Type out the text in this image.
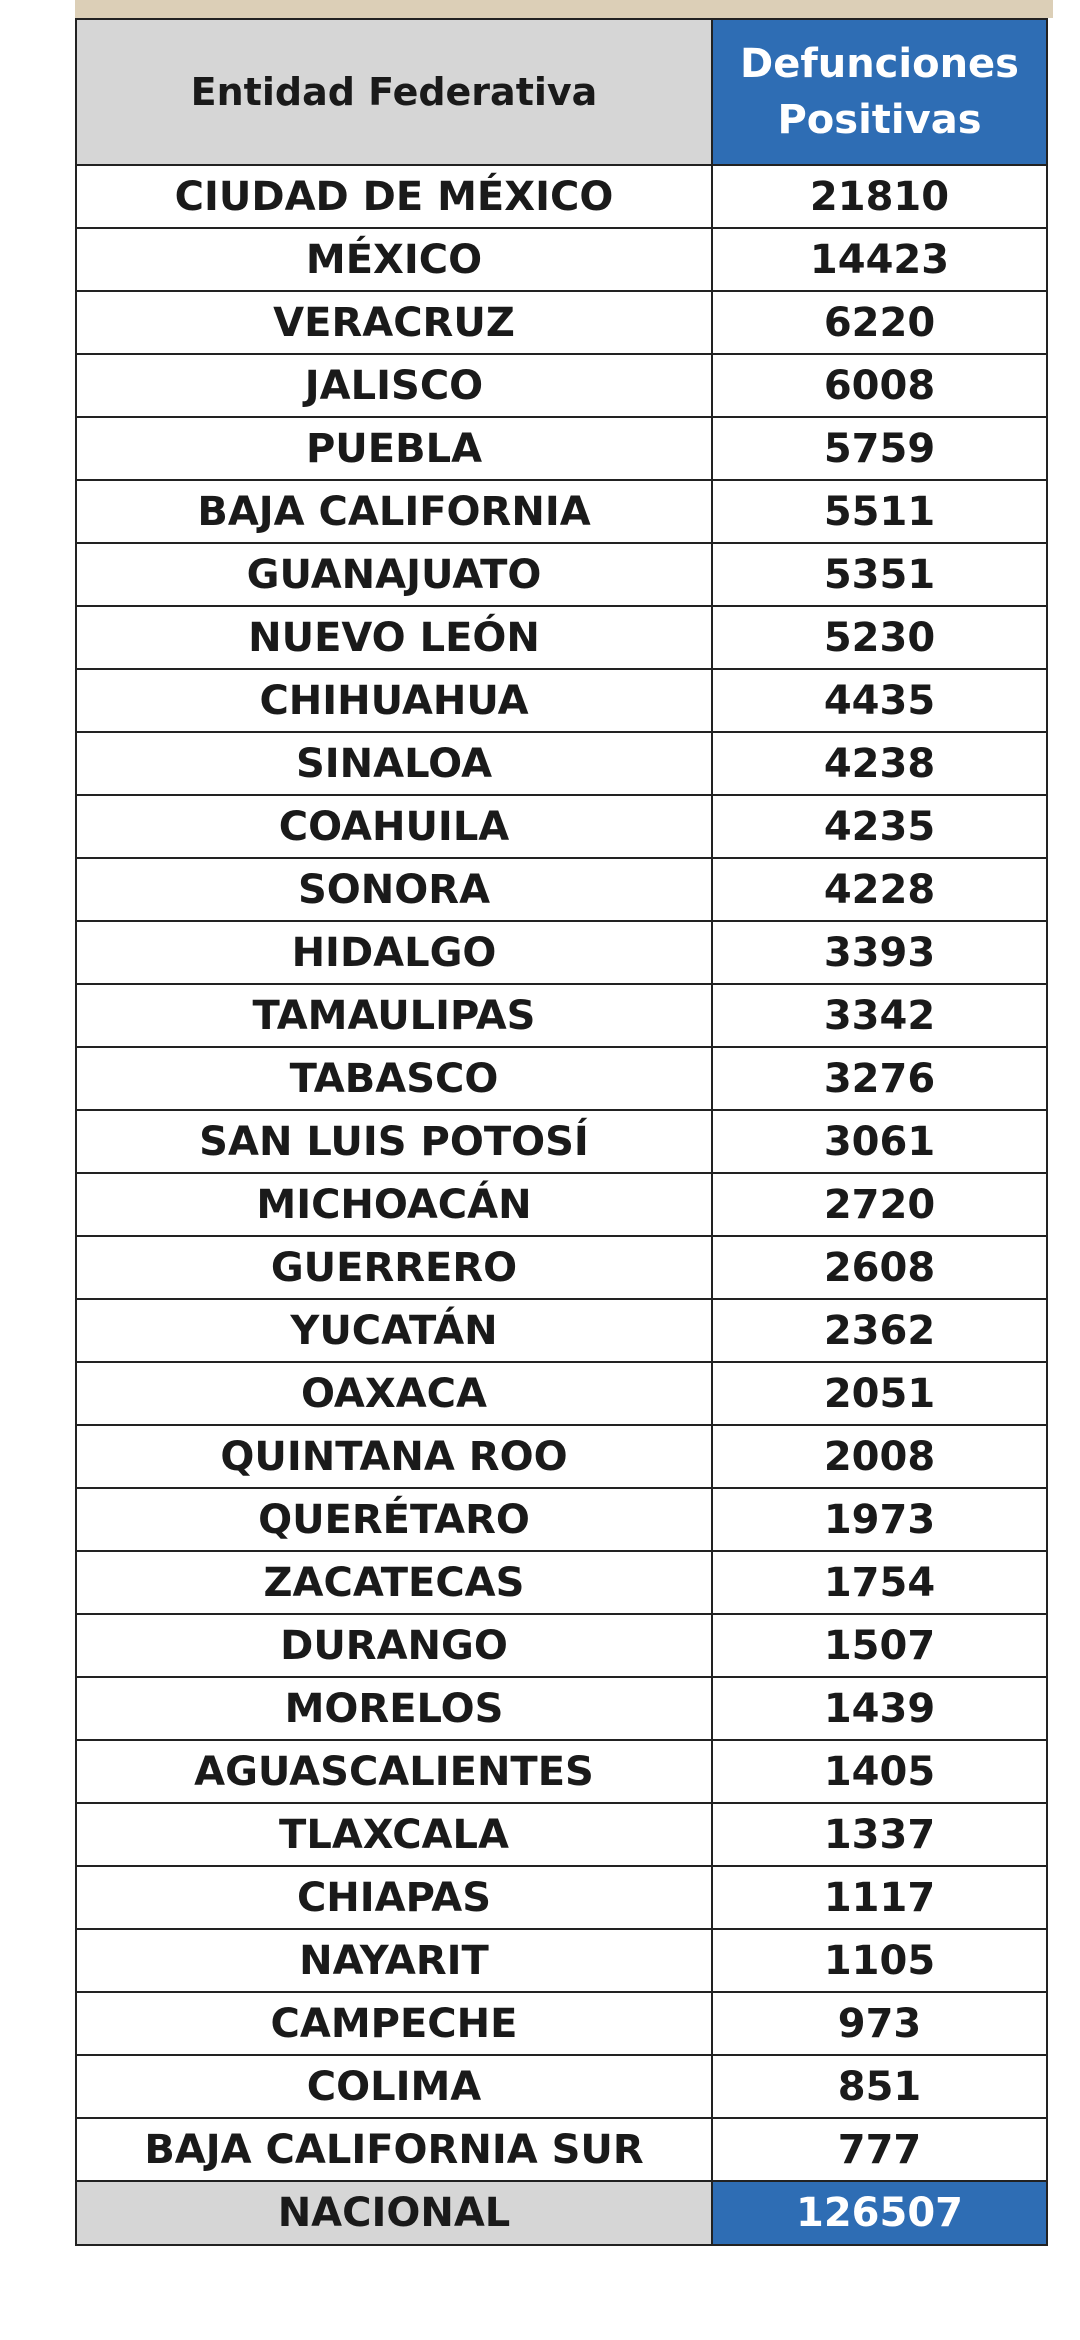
Entidad Federativa	Defunciones
Positivas

CIUDAD DE MÉXICO	21810
MÉXICO	14423
VERACRUZ	6220
JALISCO	6008
PUEBLA	5759
BAJA CALIFORNIA	5511
GUANAJUATO	5351
NUEVO LEÓN	5230
CHIHUAHUA	4435
SINALOA	4238
COAHUILA	4235
SONORA	4228
HIDALGO	3393
TAMAULIPAS	3342
TABASCO	3276
SAN LUIS POTOSÍ	3061
MICHOACÁN	2720
GUERRERO	2608
YUCATÁN	2362
OAXACA	2051
QUINTANA ROO	2008
QUERÉTARO	1973
ZACATECAS	1754
DURANGO	1507
MORELOS	1439
AGUASCALIENTES	1405
TLAXCALA	1337
CHIAPAS	1117
NAYARIT	1105
CAMPECHE	973
COLIMA	851
BAJA CALIFORNIA SUR	777
NACIONAL	126507
